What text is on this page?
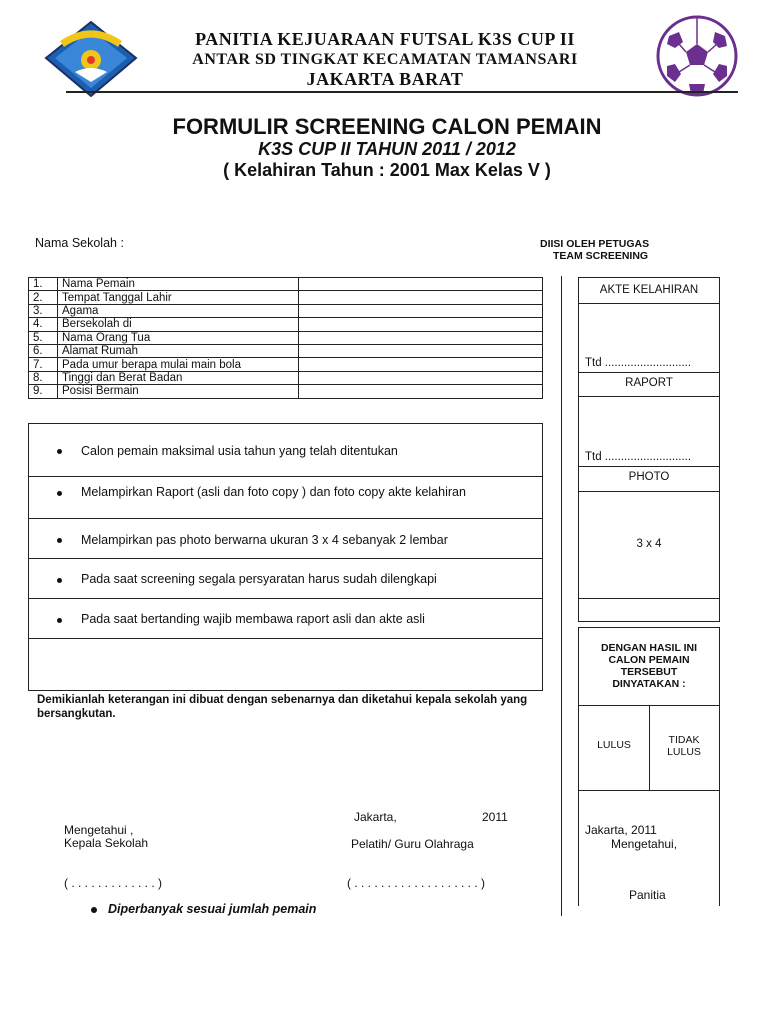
PANITIA KEJUARAAN FUTSAL K3S CUP II
ANTAR SD TINGKAT KECAMATAN TAMANSARI
JAKARTA BARAT
FORMULIR SCREENING CALON PEMAIN
K3S CUP II TAHUN 2011 / 2012
( Kelahiran Tahun : 2001 Max Kelas V )
Nama Sekolah :	DIISI OLEH PETUGAS
TEAM SCREENING
1.	Nama Pemain	
2.	Tempat Tanggal Lahir	
3.	Agama	
4.	Bersekolah di	
5.	Nama Orang Tua	
6.	Alamat Rumah	
7.	Pada umur berapa mulai main bola	
8.	Tinggi dan Berat Badan	
9.	Posisi Bermain	
Calon pemain maksimal usia tahun yang telah ditentukan
Melampirkan Raport (asli dan foto copy ) dan foto copy akte kelahiran
Melampirkan pas photo berwarna ukuran 3 x 4 sebanyak 2 lembar
Pada saat screening segala persyaratan harus sudah dilengkapi
Pada saat bertanding wajib membawa raport asli dan akte asli
Demikianlah keterangan ini dibuat dengan sebenarnya dan diketahui kepala sekolah yang bersangkutan.
AKTE KELAHIRAN
Ttd ...........................
RAPORT
Ttd ...........................
PHOTO
3 x 4
DENGAN HASIL INI CALON PEMAIN TERSEBUT DINYATAKAN :
LULUS	TIDAK LULUS
Jakarta, 2011
Mengetahui,
Panitia
Jakarta,	2011
Mengetahui ,
Kepala Sekolah	Pelatih/ Guru Olahraga
( . . . . . . . . . . . . . )	( . . . . . . . . . . . . . . . . . . . )
Diperbanyak sesuai jumlah pemain
